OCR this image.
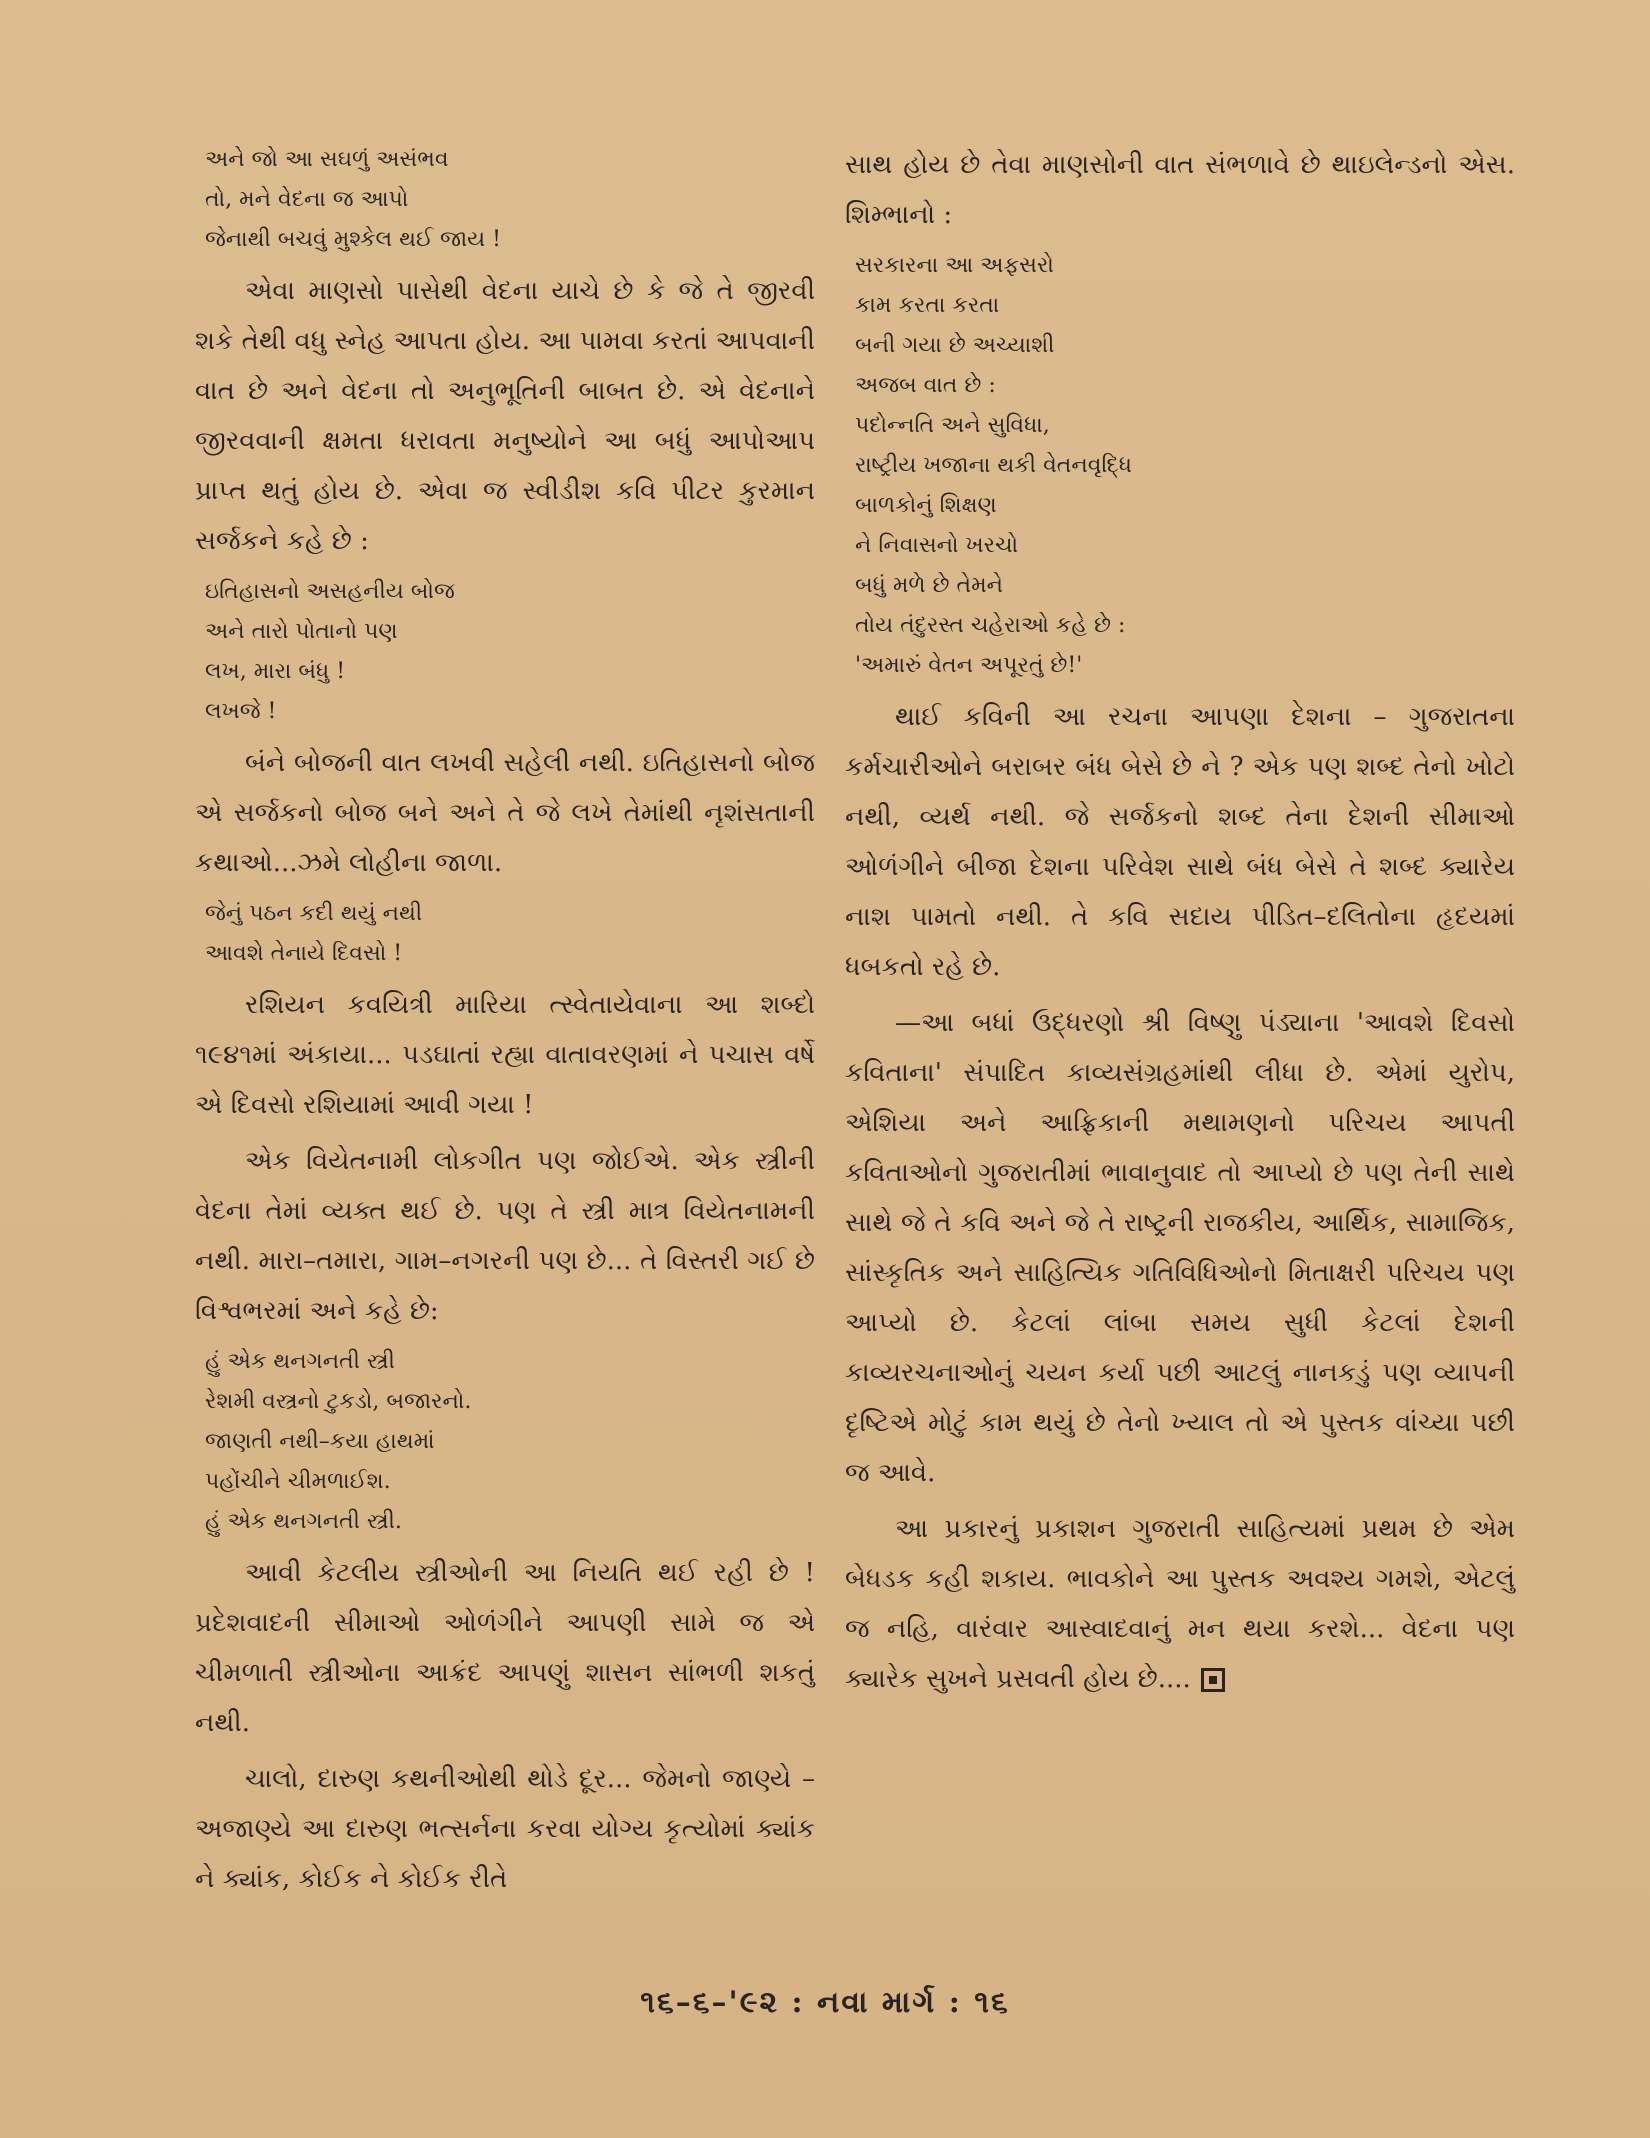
અને જો આ સઘળું અસંભવ
તો, મને વેદના જ આપો
જેનાથી બચવું મુશ્કેલ થઈ જાય !

એવા માણસો પાસેથી વેદના યાચે છે કે જે તે જીરવી શકે તેથી વધુ સ્નેહ આપતા હોય. આ પામવા કરતાં આપવાની વાત છે અને વેદના તો અનુભૂતિની બાબત છે. એ વેદનાને જીરવવાની ક્ષમતા ધરાવતા મનુષ્યોને આ બધું આપોઆપ પ્રાપ્ત થતું હોય છે. એવા જ સ્વીડીશ કવિ પીટર કુરમાન સર્જકને કહે છે :

ઇતિહાસનો અસહનીય બોજ
અને તારો પોતાનો પણ
લખ, મારા બંધુ !
લખજે !

બંને બોજની વાત લખવી સહેલી નથી. ઇતિહાસનો બોજ એ સર્જકનો બોજ બને અને તે જે લખે તેમાંથી નૃશંસતાની કથાઓ...ઝમે લોહીના જાળા.

જેનું પઠન કદી થયું નથી
આવશે તેનાયે દિવસો !

રશિયન કવયિત્રી મારિયા ત્સ્વેતાયેવાના આ શબ્દો ૧૯૪૧માં અંકાયા... પડઘાતાં રહ્યા વાતાવરણમાં ને પચાસ વર્ષે એ દિવસો રશિયામાં આવી ગયા !

એક વિયેતનામી લોકગીત પણ જોઈએ. એક સ્ત્રીની વેદના તેમાં વ્યક્ત થઈ છે. પણ તે સ્ત્રી માત્ર વિયેતનામની નથી. મારા–તમારા, ગામ–નગરની પણ છે... તે વિસ્તરી ગઈ છે વિશ્વભરમાં અને કહે છે:

હું એક થનગનતી સ્ત્રી
રેશમી વસ્ત્રનો ટુકડો, બજારનો.
જાણતી નથી–કયા હાથમાં
પહોંચીને ચીમળાઈશ.
હું એક થનગનતી સ્ત્રી.

આવી કેટલીય સ્ત્રીઓની આ નિયતિ થઈ રહી છે ! પ્રદેશવાદની સીમાઓ ઓળંગીને આપણી સામે જ એ ચીમળાતી સ્ત્રીઓના આક્રંદ આપણું શાસન સાંભળી શકતું નથી.

ચાલો, દારુણ કથનીઓથી થોડે દૂર... જેમનો જાણ્યે – અજાણ્યે આ દારુણ ભત્સર્નના કરવા યોગ્ય કૃત્યોમાં ક્યાંક ને ક્યાંક, કોઈક ને કોઈક રીતે

સાથ હોય છે તેવા માણસોની વાત સંભળાવે છે થાઇલેન્ડનો એસ. શિમ્ભાનો :

સરકારના આ અફસરો
કામ કરતા કરતા
બની ગયા છે અચ્યાશી
અજબ વાત છે :
પદોન્નતિ અને સુવિધા,
રાષ્ટ્રીય ખજાના થકી વેતનવૃદ્ધિ
બાળકોનું શિક્ષણ
ને નિવાસનો ખરચો
બધું મળે છે તેમને
તોય તંદુરસ્ત ચહેરાઓ કહે છે :
'અમારું વેતન અપૂરતું છે!'

થાઈ કવિની આ રચના આપણા દેશના – ગુજરાતના કર્મચારીઓને બરાબર બંધ બેસે છે ને ? એક પણ શબ્દ તેનો ખોટો નથી, વ્યર્થ નથી. જે સર્જકનો શબ્દ તેના દેશની સીમાઓ ઓળંગીને બીજા દેશના પરિવેશ સાથે બંધ બેસે તે શબ્દ ક્યારેય નાશ પામતો નથી. તે કવિ સદાય પીડિત–દલિતોના હૃદયમાં ધબકતો રહે છે.

—આ બધાં ઉદ્ધરણો શ્રી વિષ્ણુ પંડ્યાના 'આવશે દિવસો કવિતાના' સંપાદિત કાવ્યસંગ્રહમાંથી લીધા છે. એમાં યુરોપ, એશિયા અને આફ્રિકાની મથામણનો પરિચય આપતી કવિતાઓનો ગુજરાતીમાં ભાવાનુવાદ તો આપ્યો છે પણ તેની સાથે સાથે જે તે કવિ અને જે તે રાષ્ટ્રની રાજકીય, આર્થિક, સામાજિક, સાંસ્કૃતિક અને સાહિત્યિક ગતિવિધિઓનો મિતાક્ષરી પરિચય પણ આપ્યો છે. કેટલાં લાંબા સમય સુધી કેટલાં દેશની કાવ્યરચનાઓનું ચયન કર્યા પછી આટલું નાનકડું પણ વ્યાપની દૃષ્ટિએ મોટું કામ થયું છે તેનો ખ્યાલ તો એ પુસ્તક વાંચ્યા પછી જ આવે.

આ પ્રકારનું પ્રકાશન ગુજરાતી સાહિત્યમાં પ્રથમ છે એમ બેધડક કહી શકાય. ભાવકોને આ પુસ્તક અવશ્ય ગમશે, એટલું જ નહિ, વારંવાર આસ્વાદવાનું મન થયા કરશે... વેદના પણ ક્યારેક સુખને પ્રસવતી હોય છે....

૧૬–૬–'૯૨ : નવા માર્ગ : ૧૬
